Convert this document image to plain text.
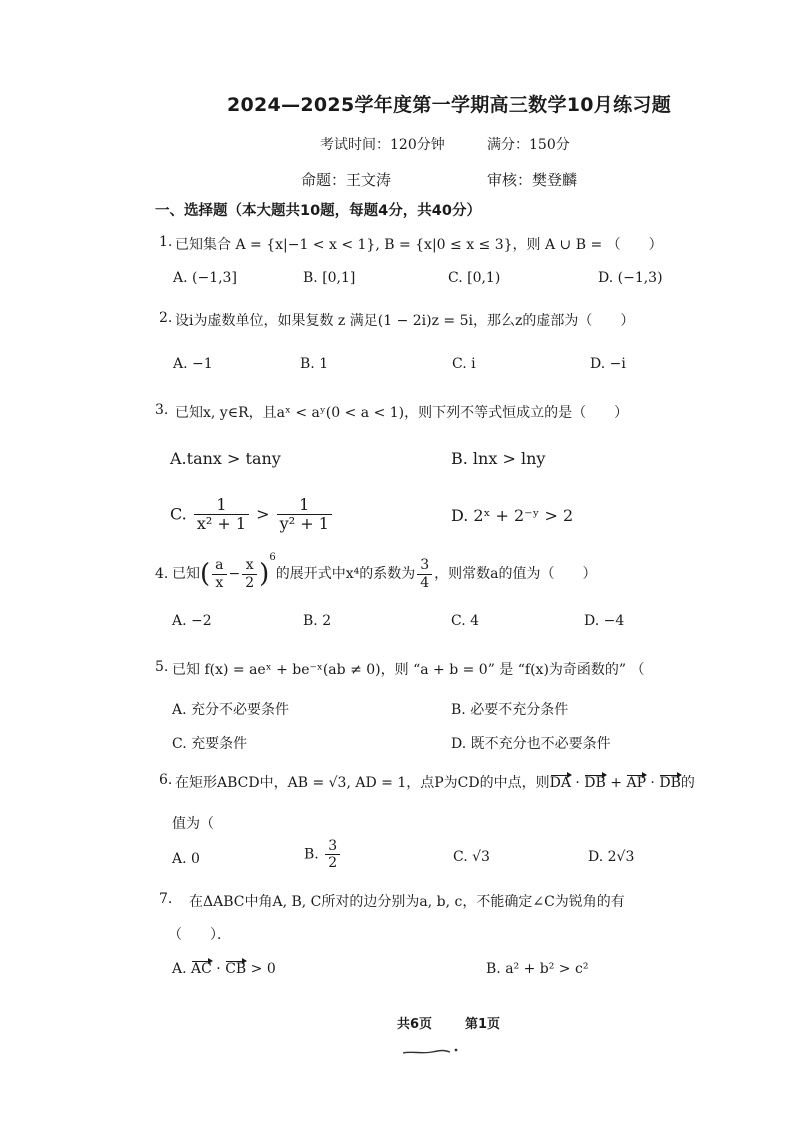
2024—2025学年度第一学期高三数学10月练习题
考试时间：120分钟	满分：150分
命题：王文涛	审核：樊登麟
一、选择题（本大题共10题，每题4分，共40分）
1. 已知集合 A = {x|−1 < x < 1}, B = {x|0 ≤ x ≤ 3}，则 A ∪ B = （　　）
A. (−1,3]	B. [0,1]	C. [0,1)	D. (−1,3)
2. 设i为虚数单位，如果复数 z 满足(1 − 2i)z = 5i，那么z的虚部为（　　）
A. −1	B. 1	C. i	D. −i
3. 已知x, y∈R，且aˣ < aʸ(0 < a < 1)，则下列不等式恒成立的是（　　）
A.tanx > tany	B. lnx > lny
C. $\frac{1}{\text{x² + 1}} > \frac{1}{\text{y² + 1}}$	D. 2ˣ + 2⁻ʸ > 2
4. 已知( $\frac{a}{x} - \frac{x}{2} )^6$的展开式中x⁴的系数为 $\frac{3}{4}$ ，则常数a的值为（　　）
A. −2	B. 2	C. 4	D. −4
5. 已知 f(x) = aeˣ + be⁻ˣ(ab ≠ 0)，则 “a + b = 0” 是 “f(x)为奇函数的” （
A. 充分不必要条件	B. 必要不充分条件
C. 充要条件	D. 既不充分也不必要条件
6. 在矩形ABCD中，AB = √3, AD = 1，点P为CD的中点，则DA · DB + AP · DB的
值为（
A. 0	B. $\frac{3}{2}$	C. √3	D. 2√3
7. 在ΔABC中角A, B, C所对的边分别为a, b, c，不能确定∠C为锐角的有
（　　）．
A. AC · CB > 0	B. a² + b² > c²
共6页	第1页
